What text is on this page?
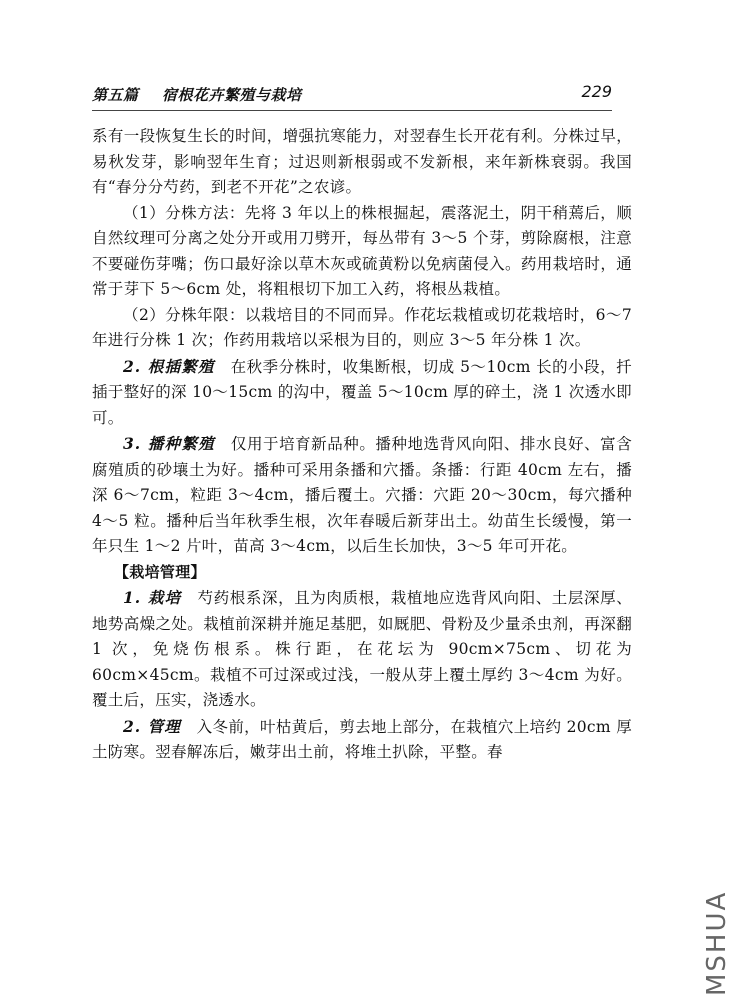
第五篇 宿根花卉繁殖与栽培	229

系有一段恢复生长的时间，增强抗寒能力，对翌春生长开花有利。分株过早，易秋发芽，影响翌年生育；过迟则新根弱或不发新根，来年新株衰弱。我国有“春分分芍药，到老不开花”之农谚。

（1）分株方法：先将 3 年以上的株根掘起，震落泥土，阴干稍蔫后，顺自然纹理可分离之处分开或用刀劈开，每丛带有 3～5 个芽，剪除腐根，注意不要碰伤芽嘴；伤口最好涂以草木灰或硫黄粉以免病菌侵入。药用栽培时，通常于芽下 5～6cm 处，将粗根切下加工入药，将根丛栽植。

（2）分株年限：以栽培目的不同而异。作花坛栽植或切花栽培时，6～7 年进行分株 1 次；作药用栽培以采根为目的，则应 3～5 年分株 1 次。

2. 根插繁殖　在秋季分株时，收集断根，切成 5～10cm 长的小段，扦插于整好的深 10～15cm 的沟中，覆盖 5～10cm 厚的碎土，浇 1 次透水即可。

3. 播种繁殖　仅用于培育新品种。播种地选背风向阳、排水良好、富含腐殖质的砂壤土为好。播种可采用条播和穴播。条播：行距 40cm 左右，播深 6～7cm，粒距 3～4cm，播后覆土。穴播：穴距 20～30cm，每穴播种 4～5 粒。播种后当年秋季生根，次年春暖后新芽出土。幼苗生长缓慢，第一年只生 1～2 片叶，苗高 3～4cm，以后生长加快，3～5 年可开花。

【栽培管理】

1. 栽培　芍药根系深，且为肉质根，栽植地应选背风向阳、土层深厚、地势高燥之处。栽植前深耕并施足基肥，如厩肥、骨粉及少量杀虫剂，再深翻 1 次，免烧伤根系。株行距，在花坛为 90cm×75cm、切花为 60cm×45cm。栽植不可过深或过浅，一般从芽上覆土厚约 3～4cm 为好。覆土后，压实，浇透水。

2. 管理　入冬前，叶枯黄后，剪去地上部分，在栽植穴上培约 20cm 厚土防寒。翌春解冻后，嫩芽出土前，将堆土扒除，平整。春

MSHUA
